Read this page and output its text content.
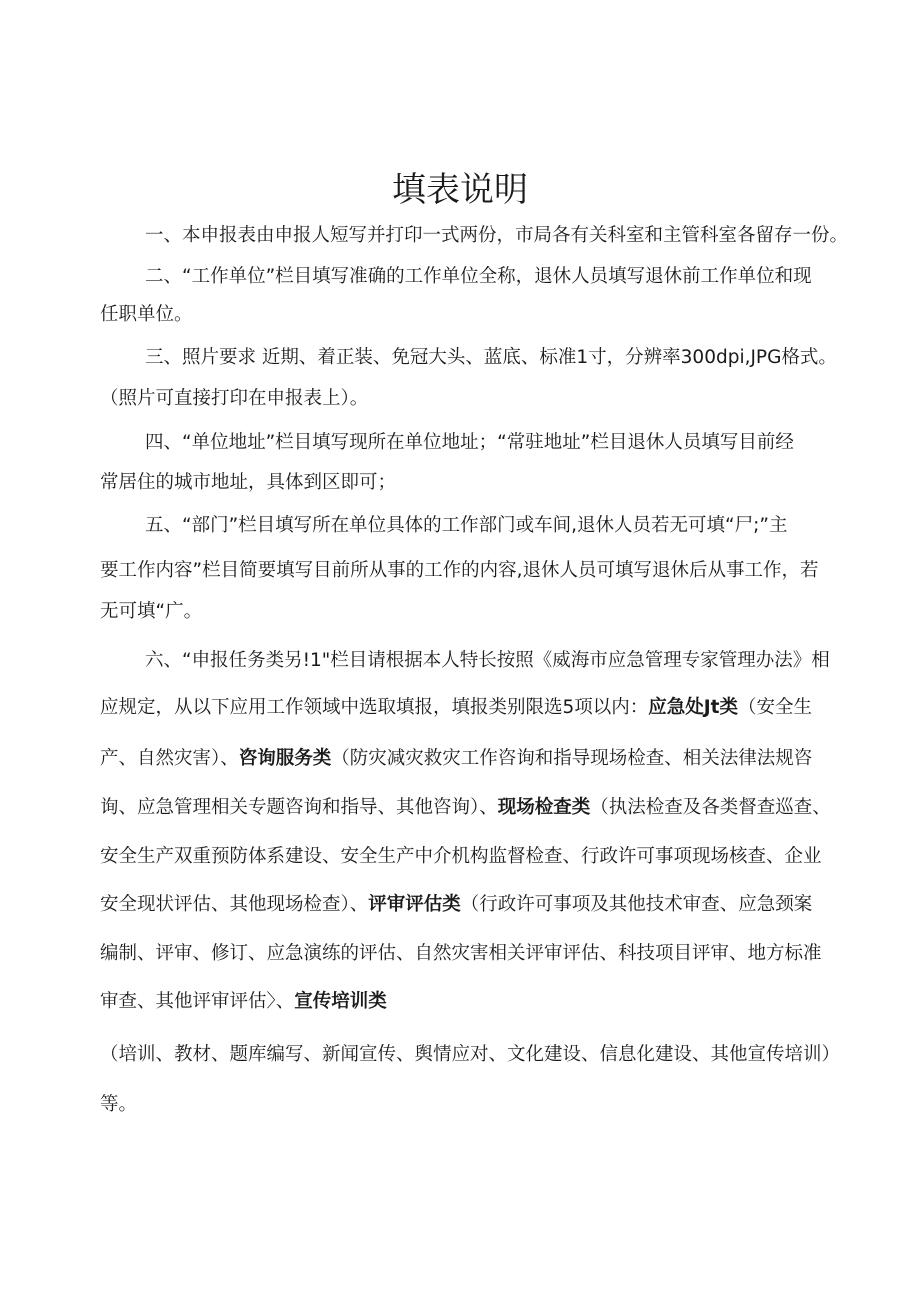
填表说明
一、本申报表由申报人短写并打印一式两份，市局各有关科室和主管科室各留存一份。
二、“工作单位”栏目填写准确的工作单位全称，退休人员填写退休前工作单位和现
任职单位。
三、照片要求 近期、着正装、免冠大头、蓝底、标准1寸，分辨率300dpi,JPG格式。
（照片可直接打印在申报表上）。
四、“单位地址”栏目填写现所在单位地址；“常驻地址”栏目退休人员填写目前经
常居住的城市地址，具体到区即可；
五、“部门”栏目填写所在单位具体的工作部门或车间,退休人员若无可填“尸;”主
要工作内容”栏目简要填写目前所从事的工作的内容,退休人员可填写退休后从事工作，若
无可填“广。
六、“申报任务类另!1"栏目请根据本人特长按照《威海市应急管理专家管理办法》相
应规定，从以下应用工作领域中选取填报，填报类别限选5项以内：应急处Jt类（安全生
产、自然灾害）、咨询服务类（防灾减灾救灾工作咨询和指导现场检查、相关法律法规咨
询、应急管理相关专题咨询和指导、其他咨询）、现场检查类（执法检查及各类督查巡查、
安全生产双重预防体系建设、安全生产中介机构监督检查、行政许可事项现场核查、企业
安全现状评估、其他现场检查）、评审评估类（行政许可事项及其他技术审查、应急颈案
编制、评审、修订、应急演练的评估、自然灾害相关评审评估、科技项目评审、地方标准
审查、其他评审评估〉、宣传培训类
（培训、教材、题库编写、新闻宣传、舆情应对、文化建设、信息化建设、其他宣传培训）
等。
